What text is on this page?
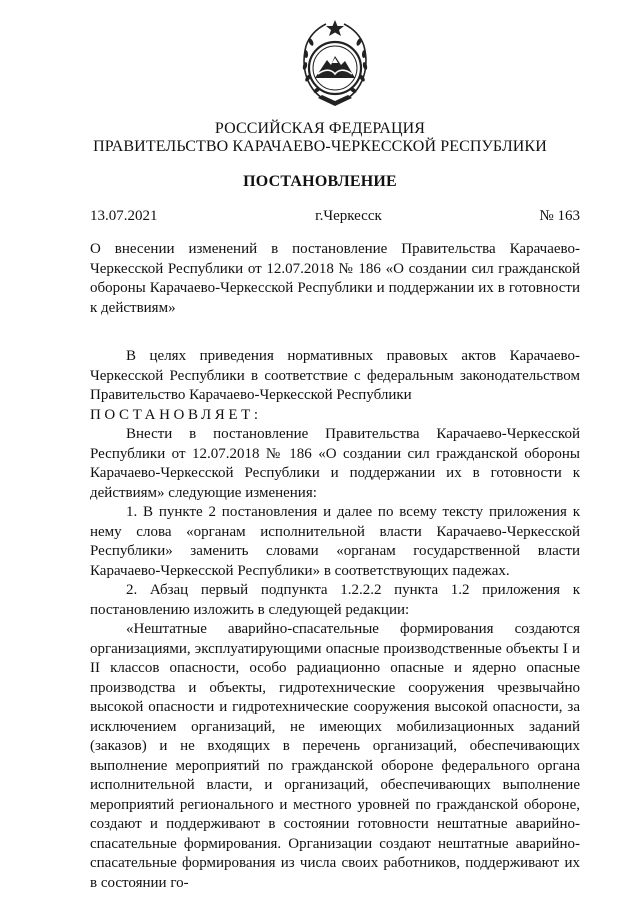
РОССИЙСКАЯ ФЕДЕРАЦИЯ
ПРАВИТЕЛЬСТВО КАРАЧАЕВО-ЧЕРКЕССКОЙ РЕСПУБЛИКИ
ПОСТАНОВЛЕНИЕ
13.07.2021	г.Черкесск	№ 163
О внесении изменений в постановление Правительства Карачаево-Черкесской Республики от 12.07.2018 № 186 «О создании сил гражданской обороны Карачаево-Черкесской Республики и поддержании их в готовности к действиям»

В целях приведения нормативных правовых актов Карачаево-Черкесской Республики в соответствие с федеральным законодательством Правительство Карачаево-Черкесской Республики

ПОСТАНОВЛЯЕТ:

Внести в постановление Правительства Карачаево-Черкесской Республики от 12.07.2018 № 186 «О создании сил гражданской обороны Карачаево-Черкесской Республики и поддержании их в готовности к действиям» следующие изменения:

1. В пункте 2 постановления и далее по всему тексту приложения к нему слова «органам исполнительной власти Карачаево-Черкесской Республики» заменить словами «органам государственной власти Карачаево-Черкесской Республики» в соответствующих падежах.

2. Абзац первый подпункта 1.2.2.2 пункта 1.2 приложения к постановлению изложить в следующей редакции:

«Нештатные аварийно-спасательные формирования создаются организациями, эксплуатирующими опасные производственные объекты I и II классов опасности, особо радиационно опасные и ядерно опасные производства и объекты, гидротехнические сооружения чрезвычайно высокой опасности и гидротехнические сооружения высокой опасности, за исключением организаций, не имеющих мобилизационных заданий (заказов) и не входящих в перечень организаций, обеспечивающих выполнение мероприятий по гражданской обороне федерального органа исполнительной власти, и организаций, обеспечивающих выполнение мероприятий регионального и местного уровней по гражданской обороне, создают и поддерживают в состоянии готовности нештатные аварийно-спасательные формирования. Организации создают нештатные аварийно-спасательные формирования из числа своих работников, поддерживают их в состоянии го-
